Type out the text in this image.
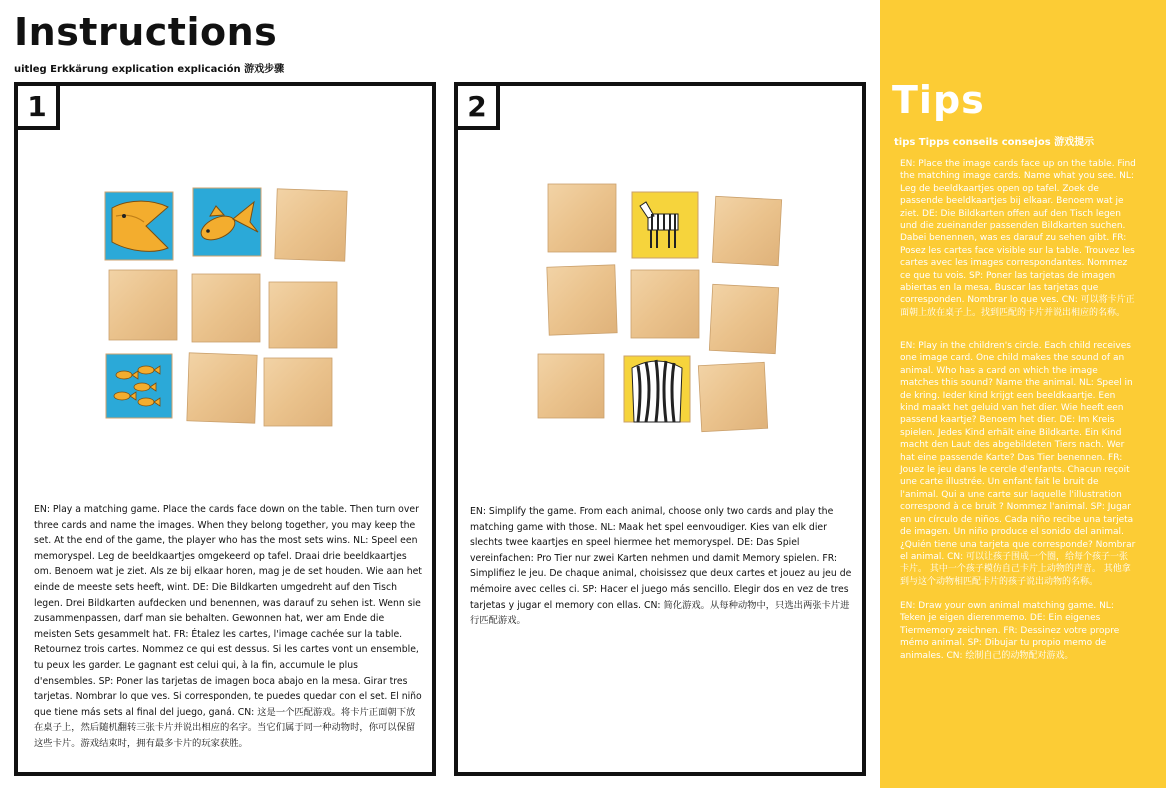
Instructions
uitleg Erkkärung explication explicación 游戏步骤
1
EN: Play a matching game. Place the cards face down on the table. Then turn over three cards and name the images. When they belong together, you may keep the set. At the end of the game, the player who has the most sets wins. NL: Speel een memoryspel. Leg de beeldkaartjes omgekeerd op tafel. Draai drie beeldkaartjes om. Benoem wat je ziet. Als ze bij elkaar horen, mag je de set houden. Wie aan het einde de meeste sets heeft, wint. DE: Die Bildkarten umgedreht auf den Tisch legen. Drei Bildkarten aufdecken und benennen, was darauf zu sehen ist. Wenn sie zusammenpassen, darf man sie behalten. Gewonnen hat, wer am Ende die meisten Sets gesammelt hat. FR: Étalez les cartes, l'image cachée sur la table. Retournez trois cartes. Nommez ce qui est dessus. Si les cartes vont un ensemble, tu peux les garder. Le gagnant est celui qui, à la fin, accumule le plus d'ensembles. SP: Poner las tarjetas de imagen boca abajo en la mesa. Girar tres tarjetas. Nombrar lo que ves. Si corresponden, te puedes quedar con el set. El niño que tiene más sets al final del juego, ganá. CN: 这是一个匹配游戏。将卡片正面朝下放在桌子上，然后随机翻转三张卡片并说出相应的名字。当它们属于同一种动物时，你可以保留这些卡片。游戏结束时，拥有最多卡片的玩家获胜。
2
EN: Simplify the game. From each animal, choose only two cards and play the matching game with those. NL: Maak het spel eenvoudiger. Kies van elk dier slechts twee kaartjes en speel hiermee het memoryspel. DE: Das Spiel vereinfachen: Pro Tier nur zwei Karten nehmen und damit Memory spielen. FR: Simplifiez le jeu. De chaque animal, choisissez que deux cartes et jouez au jeu de mémoire avec celles ci. SP: Hacer el juego más sencillo. Elegir dos en vez de tres tarjetas y jugar el memory con ellas. CN: 简化游戏。从每种动物中，只选出两张卡片进行匹配游戏。
Tips
tips Tipps conseils consejos 游戏提示
EN: Place the image cards face up on the table. Find the matching image cards. Name what you see. NL: Leg de beeldkaartjes open op tafel. Zoek de passende beeldkaartjes bij elkaar. Benoem wat je ziet. DE: Die Bildkarten offen auf den Tisch legen und die zueinander passenden Bildkarten suchen. Dabei benennen, was es darauf zu sehen gibt. FR: Posez les cartes face visible sur la table. Trouvez les cartes avec les images correspondantes. Nommez ce que tu vois. SP: Poner las tarjetas de imagen abiertas en la mesa. Buscar las tarjetas que corresponden. Nombrar lo que ves. CN: 可以将卡片正面朝上放在桌子上。找到匹配的卡片并说出相应的名称。
EN: Play in the children's circle. Each child receives one image card. One child makes the sound of an animal. Who has a card on which the image matches this sound? Name the animal. NL: Speel in de kring. Ieder kind krijgt een beeldkaartje. Een kind maakt het geluid van het dier. Wie heeft een passend kaartje? Benoem het dier. DE: Im Kreis spielen. Jedes Kind erhält eine Bildkarte. Ein Kind macht den Laut des abgebildeten Tiers nach. Wer hat eine passende Karte? Das Tier benennen. FR: Jouez le jeu dans le cercle d'enfants. Chacun reçoit une carte illustrée. Un enfant fait le bruit de l'animal. Qui a une carte sur laquelle l'illustration correspond à ce bruit ? Nommez l'animal. SP: Jugar en un círculo de niños. Cada niño recibe una tarjeta de imagen. Un niño produce el sonido del animal. ¿Quién tiene una tarjeta que corresponde? Nombrar el animal. CN: 可以让孩子围成一个圈，给每个孩子一张卡片。 其中一个孩子模仿自己卡片上动物的声音。 其他拿到与这个动物相匹配卡片的孩子说出动物的名称。
EN: Draw your own animal matching game. NL: Teken je eigen dierenmemo. DE: Ein eigenes Tiermemory zeichnen. FR: Dessinez votre propre mémo animal. SP: Dibujar tu propio memo de animales. CN: 绘制自己的动物配对游戏。
